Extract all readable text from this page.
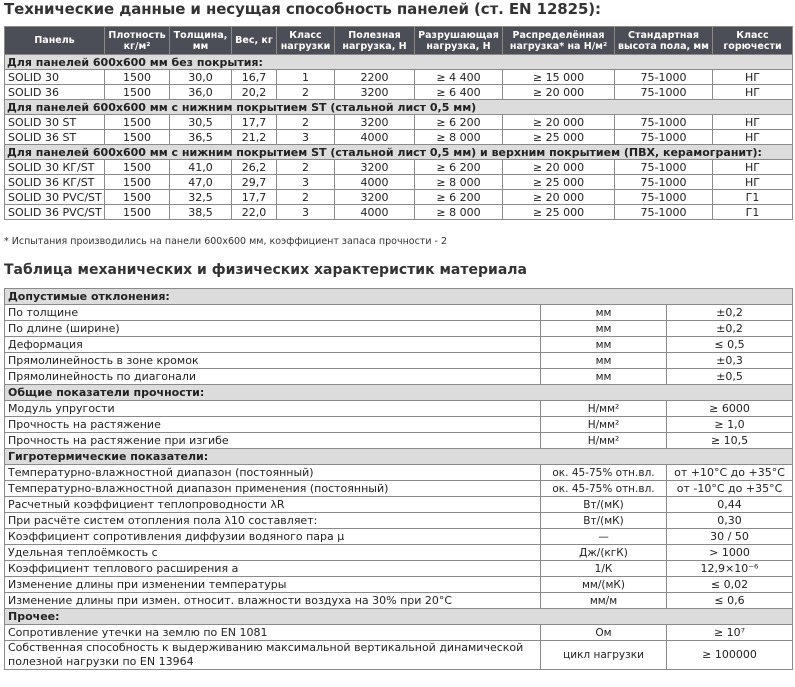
Технические данные и несущая способность панелей (ст. EN 12825):
Панель	Плотность кг/м²	Толщина, мм	Вес, кг	Класс нагрузки	Полезная нагрузка, Н	Разрушающая нагрузка, Н	Распределённая нагрузка* на Н/м²	Стандартная высота пола, мм	Класс горючести
Для панелей 600х600 мм без покрытия:									
SOLID 30	1500	30,0	16,7	1	2200	≥ 4 400	≥ 15 000	75-1000	НГ
SOLID 36	1500	36,0	20,2	2	3200	≥ 6 400	≥ 20 000	75-1000	НГ
Для панелей 600х600 мм с нижним покрытием ST (стальной лист 0,5 мм)									
SOLID 30 ST	1500	30,5	17,7	2	3200	≥ 6 200	≥ 20 000	75-1000	НГ
SOLID 36 ST	1500	36,5	21,2	3	4000	≥ 8 000	≥ 25 000	75-1000	НГ
Для панелей 600х600 мм с нижним покрытием ST (стальной лист 0,5 мм) и верхним покрытием (ПВХ, керамогранит):									
SOLID 30 КГ/ST	1500	41,0	26,2	2	3200	≥ 6 200	≥ 20 000	75-1000	НГ
SOLID 36 КГ/ST	1500	47,0	29,7	3	4000	≥ 8 000	≥ 25 000	75-1000	НГ
SOLID 30 PVC/ST	1500	32,5	17,7	2	3200	≥ 6 200	≥ 20 000	75-1000	Г1
SOLID 36 PVC/ST	1500	38,5	22,0	3	4000	≥ 8 000	≥ 25 000	75-1000	Г1
* Испытания производились на панели 600х600 мм, коэффициент запаса прочности - 2
Таблица механических и физических характеристик материала
Допустимые отклонения:		
По толщине	мм	±0,2
По длине (ширине)	мм	±0,2
Деформация	мм	≤ 0,5
Прямолинейность в зоне кромок	мм	±0,3
Прямолинейность по диагонали	мм	±0,5
Общие показатели прочности:		
Модуль упругости	Н/мм²	≥ 6000
Прочность на растяжение	Н/мм²	≥ 1,0
Прочность на растяжение при изгибе	Н/мм²	≥ 10,5
Гигротермические показатели:		
Температурно-влажностной диапазон (постоянный)	ок. 45-75% отн.вл.	от +10°С до +35°С
Температурно-влажностной диапазон применения (постоянный)	ок. 45-75% отн.вл.	от -10°С до +35°С
Расчетный коэффициент теплопроводности λR	Вт/(мК)	0,44
При расчёте систем отопления пола λ10 составляет:	Вт/(мК)	0,30
Коэффициент сопротивления диффузии водяного пара μ	—	30 / 50
Удельная теплоёмкость с	Дж/(кгК)	> 1000
Коэффициент теплового расширения а	1/К	12,9×10⁻⁶
Изменение длины при изменении температуры	мм/(мК)	≤ 0,02
Изменение длины при измен. относит. влажности воздуха на 30% при 20°С	мм/м	≤ 0,6
Прочее:		
Сопротивление утечки на землю по EN 1081	Ом	≥ 10⁷
Собственная способность к выдерживанию максимальной вертикальной динамической полезной нагрузки по EN 13964	цикл нагрузки	≥ 100000
